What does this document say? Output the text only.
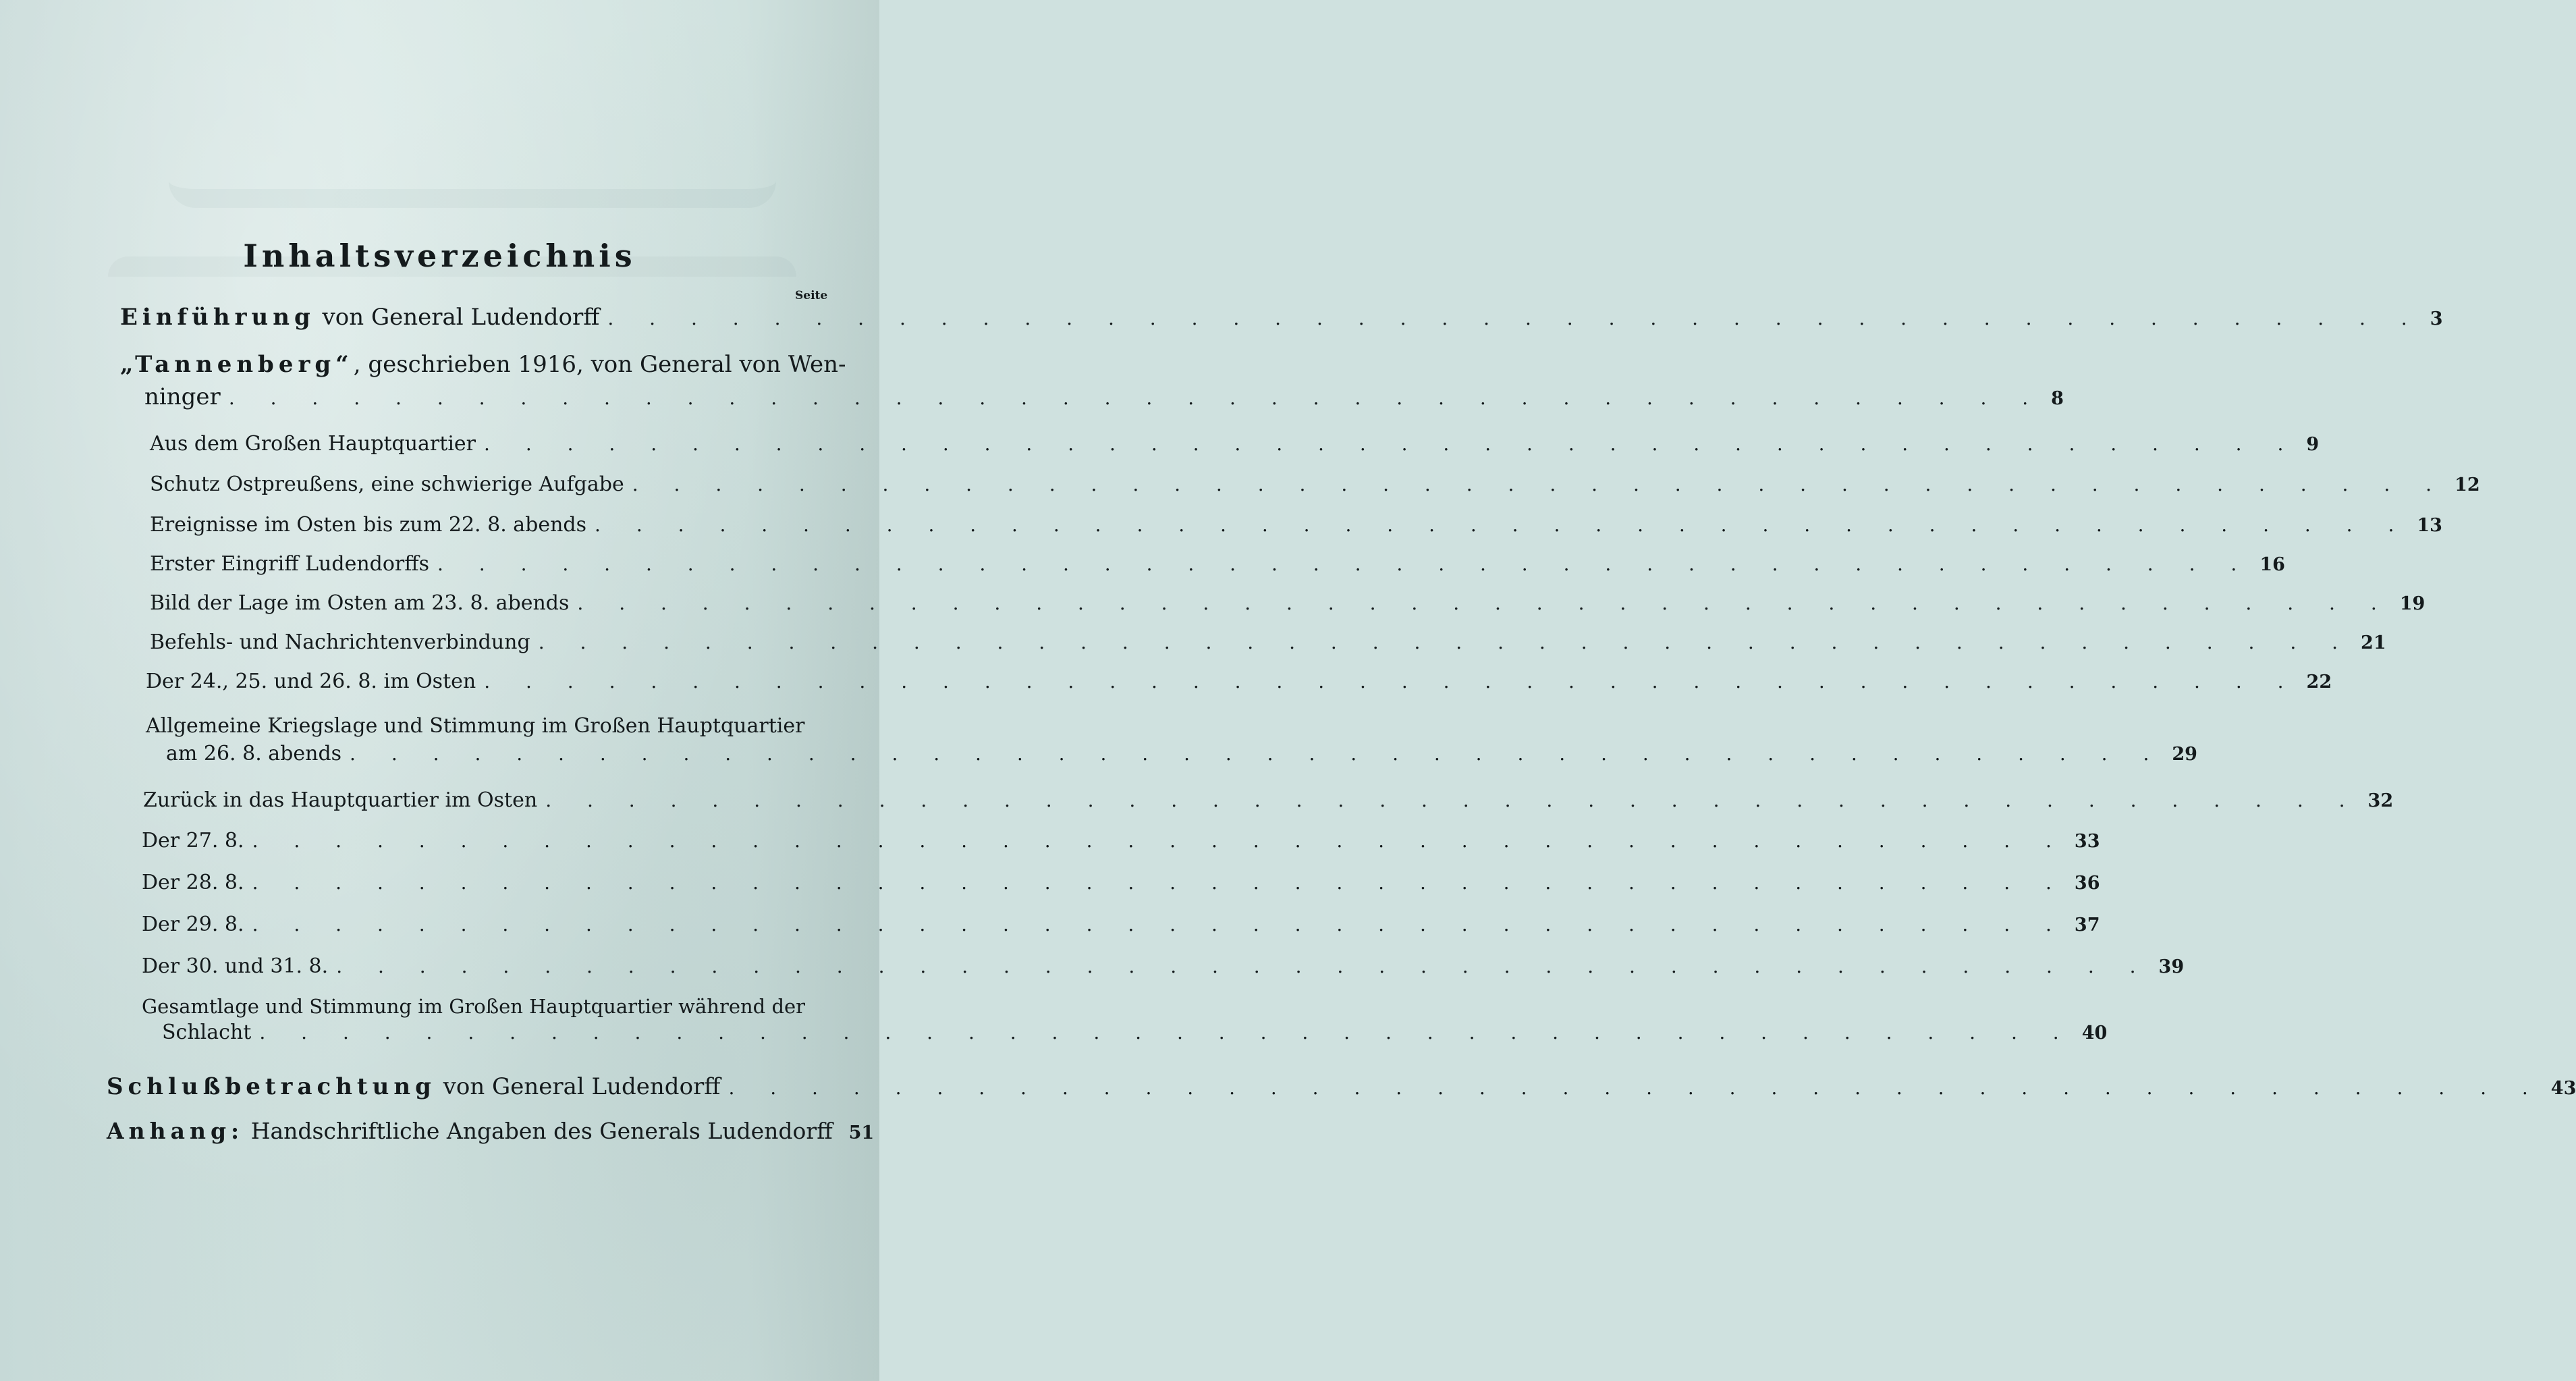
Inhaltsverzeichnis
Seite
Einführung von General Ludendorff . . . . . . . . . . . . . . . . . . . . . . . . . . . . . . . . . . . . . . . . . . . . 3
„Tannenberg“, geschrieben 1916, von General von Wen-
ninger . . . . . . . . . . . . . . . . . . . . . . . . . . . . . . . . . . . . . . . . . . . . 8
Aus dem Großen Hauptquartier . . . . . . . . . . . . . . . . . . . . . . . . . . . . . . . . . . . . . . . . . . . . 9
Schutz Ostpreußens, eine schwierige Aufgabe . . . . . . . . . . . . . . . . . . . . . . . . . . . . . . . . . . . . . . . . . . . . 12
Ereignisse im Osten bis zum 22. 8. abends . . . . . . . . . . . . . . . . . . . . . . . . . . . . . . . . . . . . . . . . . . . . 13
Erster Eingriff Ludendorffs . . . . . . . . . . . . . . . . . . . . . . . . . . . . . . . . . . . . . . . . . . . . 16
Bild der Lage im Osten am 23. 8. abends . . . . . . . . . . . . . . . . . . . . . . . . . . . . . . . . . . . . . . . . . . . . 19
Befehls- und Nachrichtenverbindung . . . . . . . . . . . . . . . . . . . . . . . . . . . . . . . . . . . . . . . . . . . . 21
Der 24., 25. und 26. 8. im Osten . . . . . . . . . . . . . . . . . . . . . . . . . . . . . . . . . . . . . . . . . . . . 22
Allgemeine Kriegslage und Stimmung im Großen Hauptquartier
am 26. 8. abends . . . . . . . . . . . . . . . . . . . . . . . . . . . . . . . . . . . . . . . . . . . . 29
Zurück in das Hauptquartier im Osten . . . . . . . . . . . . . . . . . . . . . . . . . . . . . . . . . . . . . . . . . . . . 32
Der 27. 8. . . . . . . . . . . . . . . . . . . . . . . . . . . . . . . . . . . . . . . . . . . . . 33
Der 28. 8. . . . . . . . . . . . . . . . . . . . . . . . . . . . . . . . . . . . . . . . . . . . . 36
Der 29. 8. . . . . . . . . . . . . . . . . . . . . . . . . . . . . . . . . . . . . . . . . . . . . 37
Der 30. und 31. 8. . . . . . . . . . . . . . . . . . . . . . . . . . . . . . . . . . . . . . . . . . . . . 39
Gesamtlage und Stimmung im Großen Hauptquartier während der
Schlacht . . . . . . . . . . . . . . . . . . . . . . . . . . . . . . . . . . . . . . . . . . . . 40
Schlußbetrachtung von General Ludendorff . . . . . . . . . . . . . . . . . . . . . . . . . . . . . . . . . . . . . . . . . . . . 43
Anhang: Handschriftliche Angaben des Generals Ludendorff 51
